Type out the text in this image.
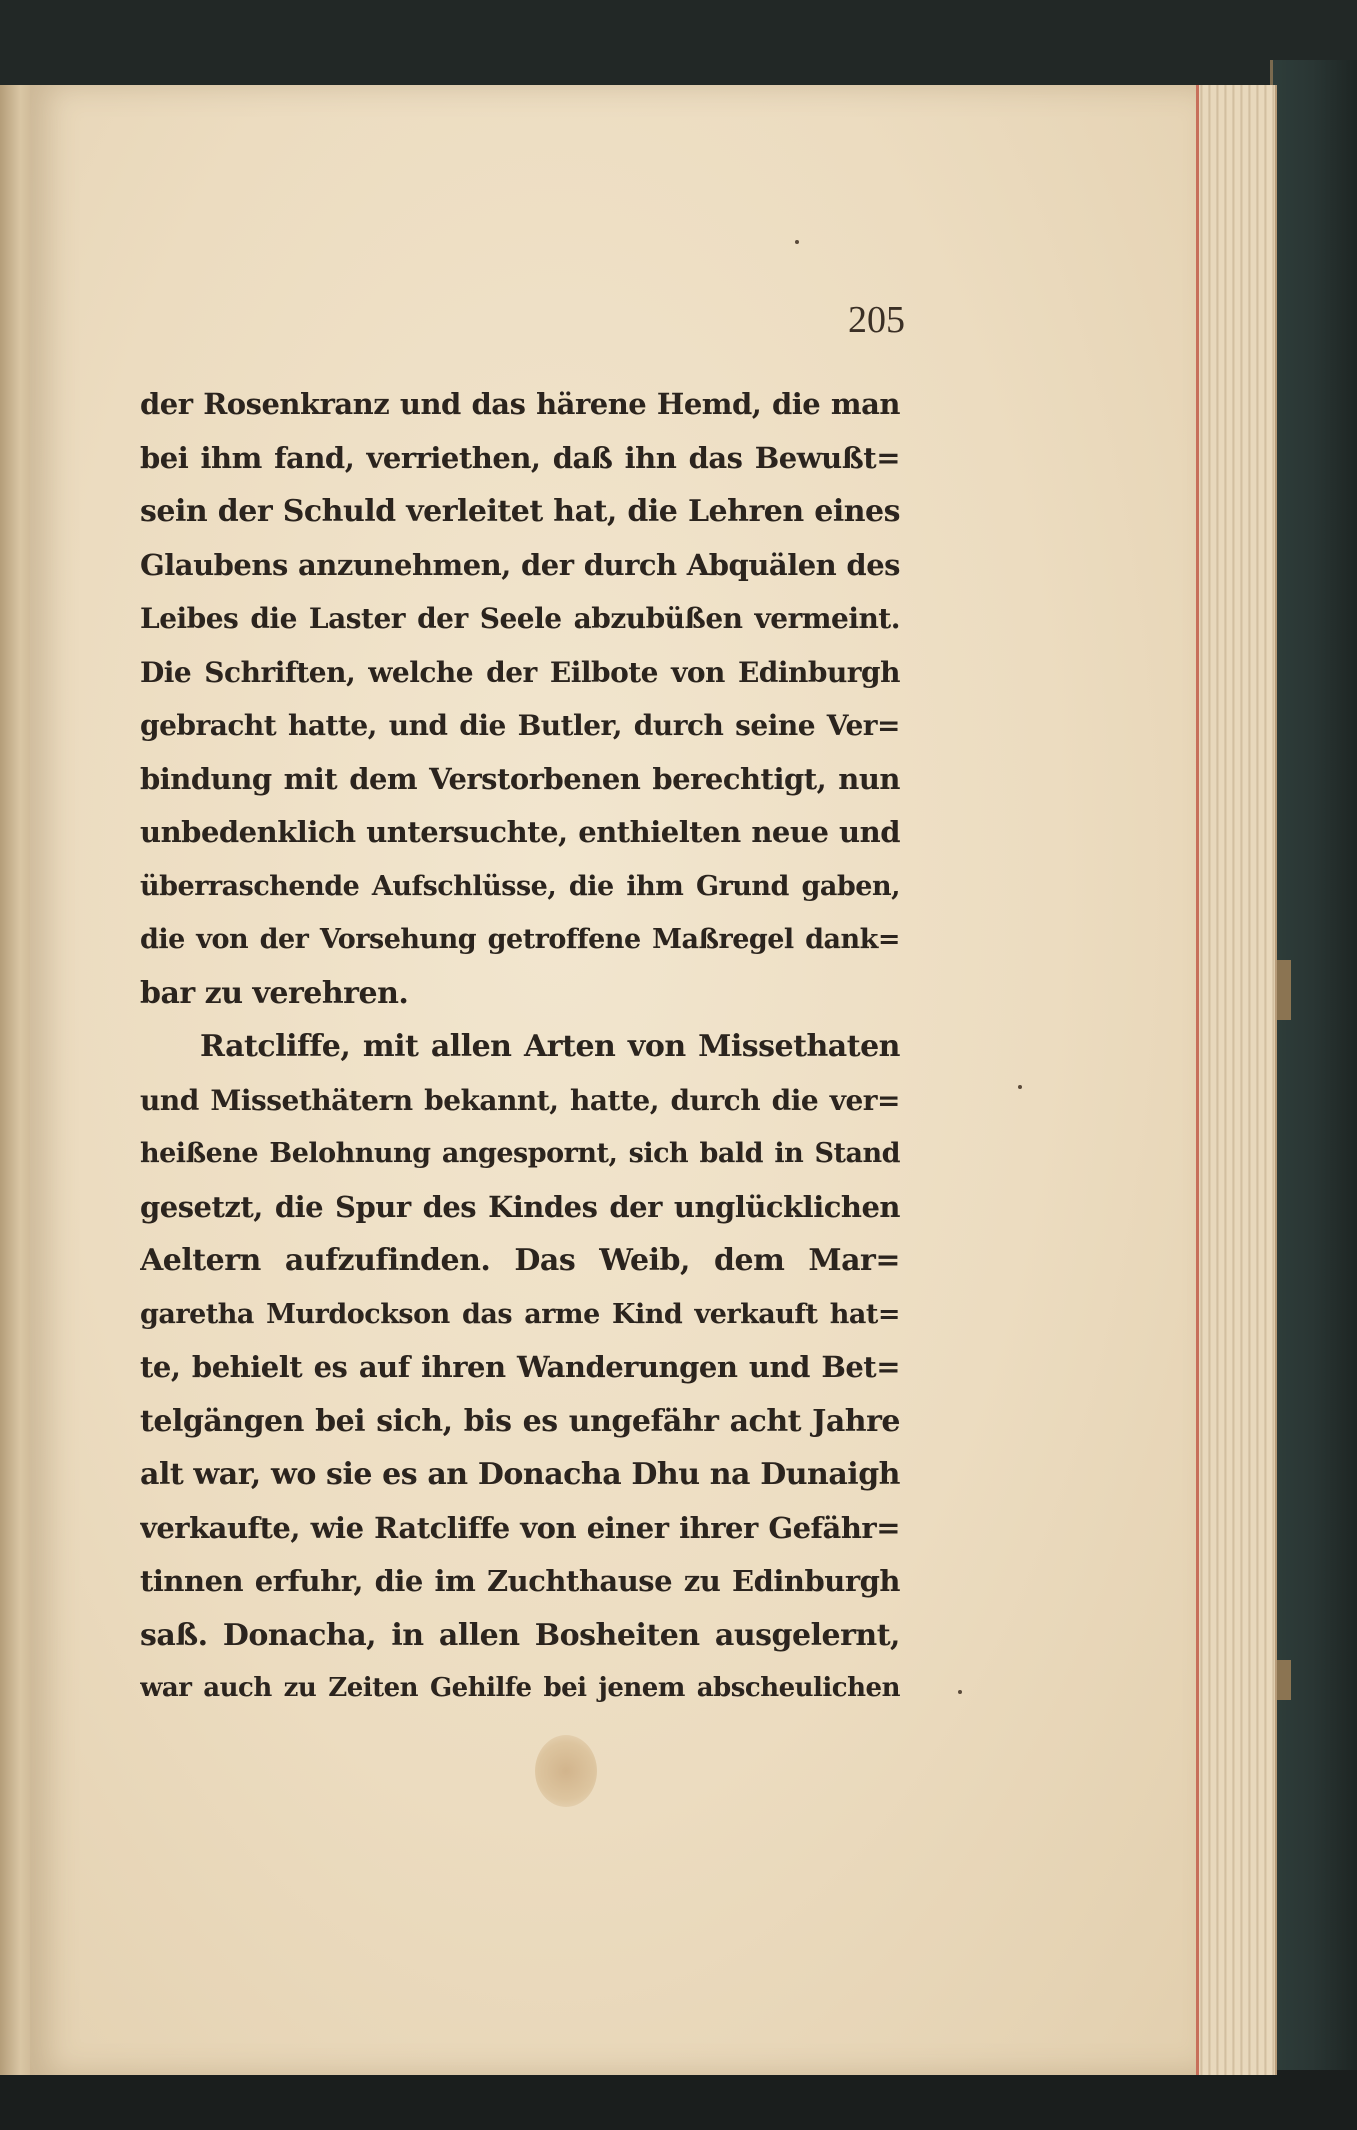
205
der Rosenkranz und das härene Hemd, die man
bei ihm fand, verriethen, daß ihn das Bewußt=
sein der Schuld verleitet hat, die Lehren eines
Glaubens anzunehmen, der durch Abquälen des
Leibes die Laster der Seele abzubüßen vermeint.
Die Schriften, welche der Eilbote von Edinburgh
gebracht hatte, und die Butler, durch seine Ver=
bindung mit dem Verstorbenen berechtigt, nun
unbedenklich untersuchte, enthielten neue und
überraschende Aufschlüsse, die ihm Grund gaben,
die von der Vorsehung getroffene Maßregel dank=
bar zu verehren.
Ratcliffe, mit allen Arten von Missethaten
und Missethätern bekannt, hatte, durch die ver=
heißene Belohnung angespornt, sich bald in Stand
gesetzt, die Spur des Kindes der unglücklichen
Aeltern aufzufinden. Das Weib, dem Mar=
garetha Murdockson das arme Kind verkauft hat=
te, behielt es auf ihren Wanderungen und Bet=
telgängen bei sich, bis es ungefähr acht Jahre
alt war, wo sie es an Donacha Dhu na Dunaigh
verkaufte, wie Ratcliffe von einer ihrer Gefähr=
tinnen erfuhr, die im Zuchthause zu Edinburgh
saß. Donacha, in allen Bosheiten ausgelernt,
war auch zu Zeiten Gehilfe bei jenem abscheulichen
